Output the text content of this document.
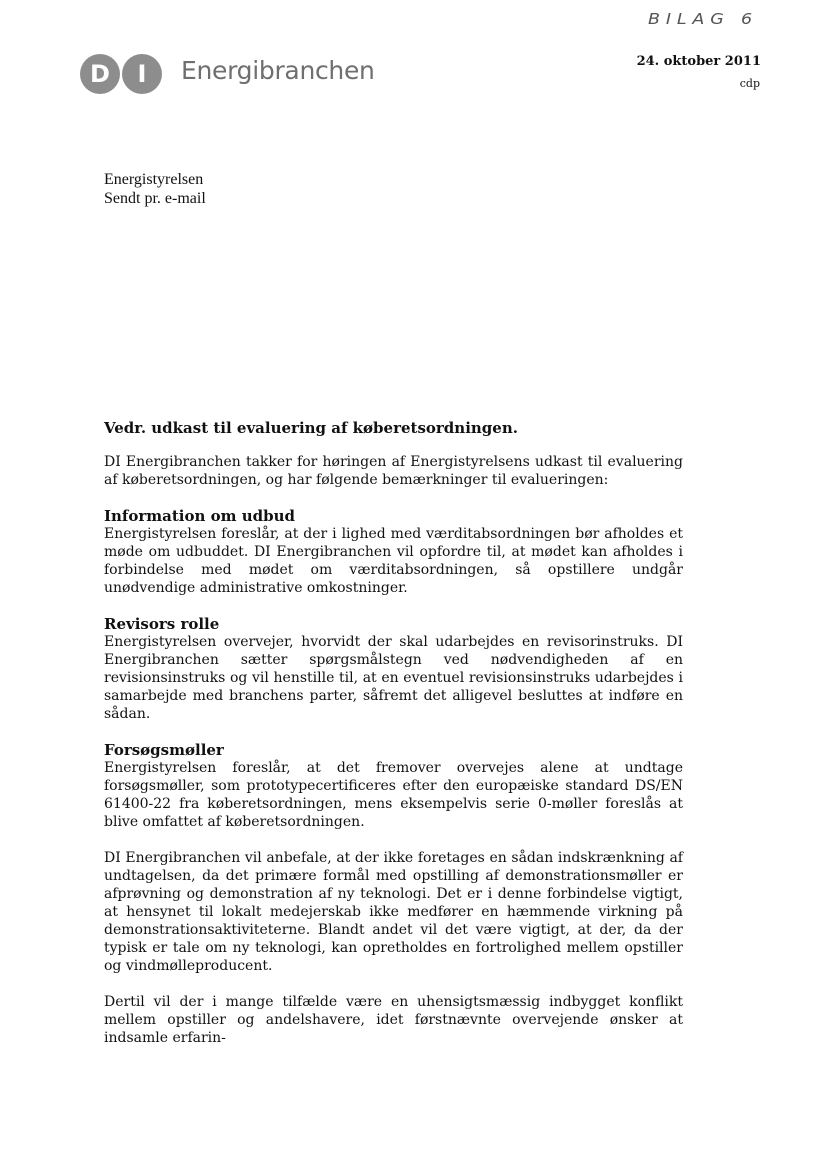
BILAG 6
D	I	Energibranchen	24. oktober 2011
cdp
Energistyrelsen
Sendt pr. e-mail

Vedr. udkast til evaluering af køberetsordningen.

DI Energibranchen takker for høringen af Energistyrelsens udkast til evaluering af køberetsordningen, og har følgende bemærkninger til evalueringen:

Information om udbud

Energistyrelsen foreslår, at der i lighed med værditabsordningen bør afholdes et møde om udbuddet. DI Energibranchen vil opfordre til, at mødet kan afholdes i forbindelse med mødet om værditabsordningen, så opstillere undgår unødvendige administrative omkostninger.

Revisors rolle

Energistyrelsen overvejer, hvorvidt der skal udarbejdes en revisorinstruks. DI Energibranchen sætter spørgsmålstegn ved nødvendigheden af en revisionsinstruks og vil henstille til, at en eventuel revisionsinstruks udarbejdes i samarbejde med branchens parter, såfremt det alligevel besluttes at indføre en sådan.

Forsøgsmøller

Energistyrelsen foreslår, at det fremover overvejes alene at undtage forsøgsmøller, som prototypecertificeres efter den europæiske standard DS/EN 61400-22 fra køberetsordningen, mens eksempelvis serie 0-møller foreslås at blive omfattet af køberetsordningen.

DI Energibranchen vil anbefale, at der ikke foretages en sådan indskrænkning af undtagelsen, da det primære formål med opstilling af demonstrationsmøller er afprøvning og demonstration af ny teknologi. Det er i denne forbindelse vigtigt, at hensynet til lokalt medejerskab ikke medfører en hæmmende virkning på demonstrationsaktiviteterne. Blandt andet vil det være vigtigt, at der, da der typisk er tale om ny teknologi, kan opretholdes en fortrolighed mellem opstiller og vindmølleproducent.

Dertil vil der i mange tilfælde være en uhensigtsmæssig indbygget konflikt mellem opstiller og andelshavere, idet førstnævnte overvejende ønsker at indsamle erfarin-
